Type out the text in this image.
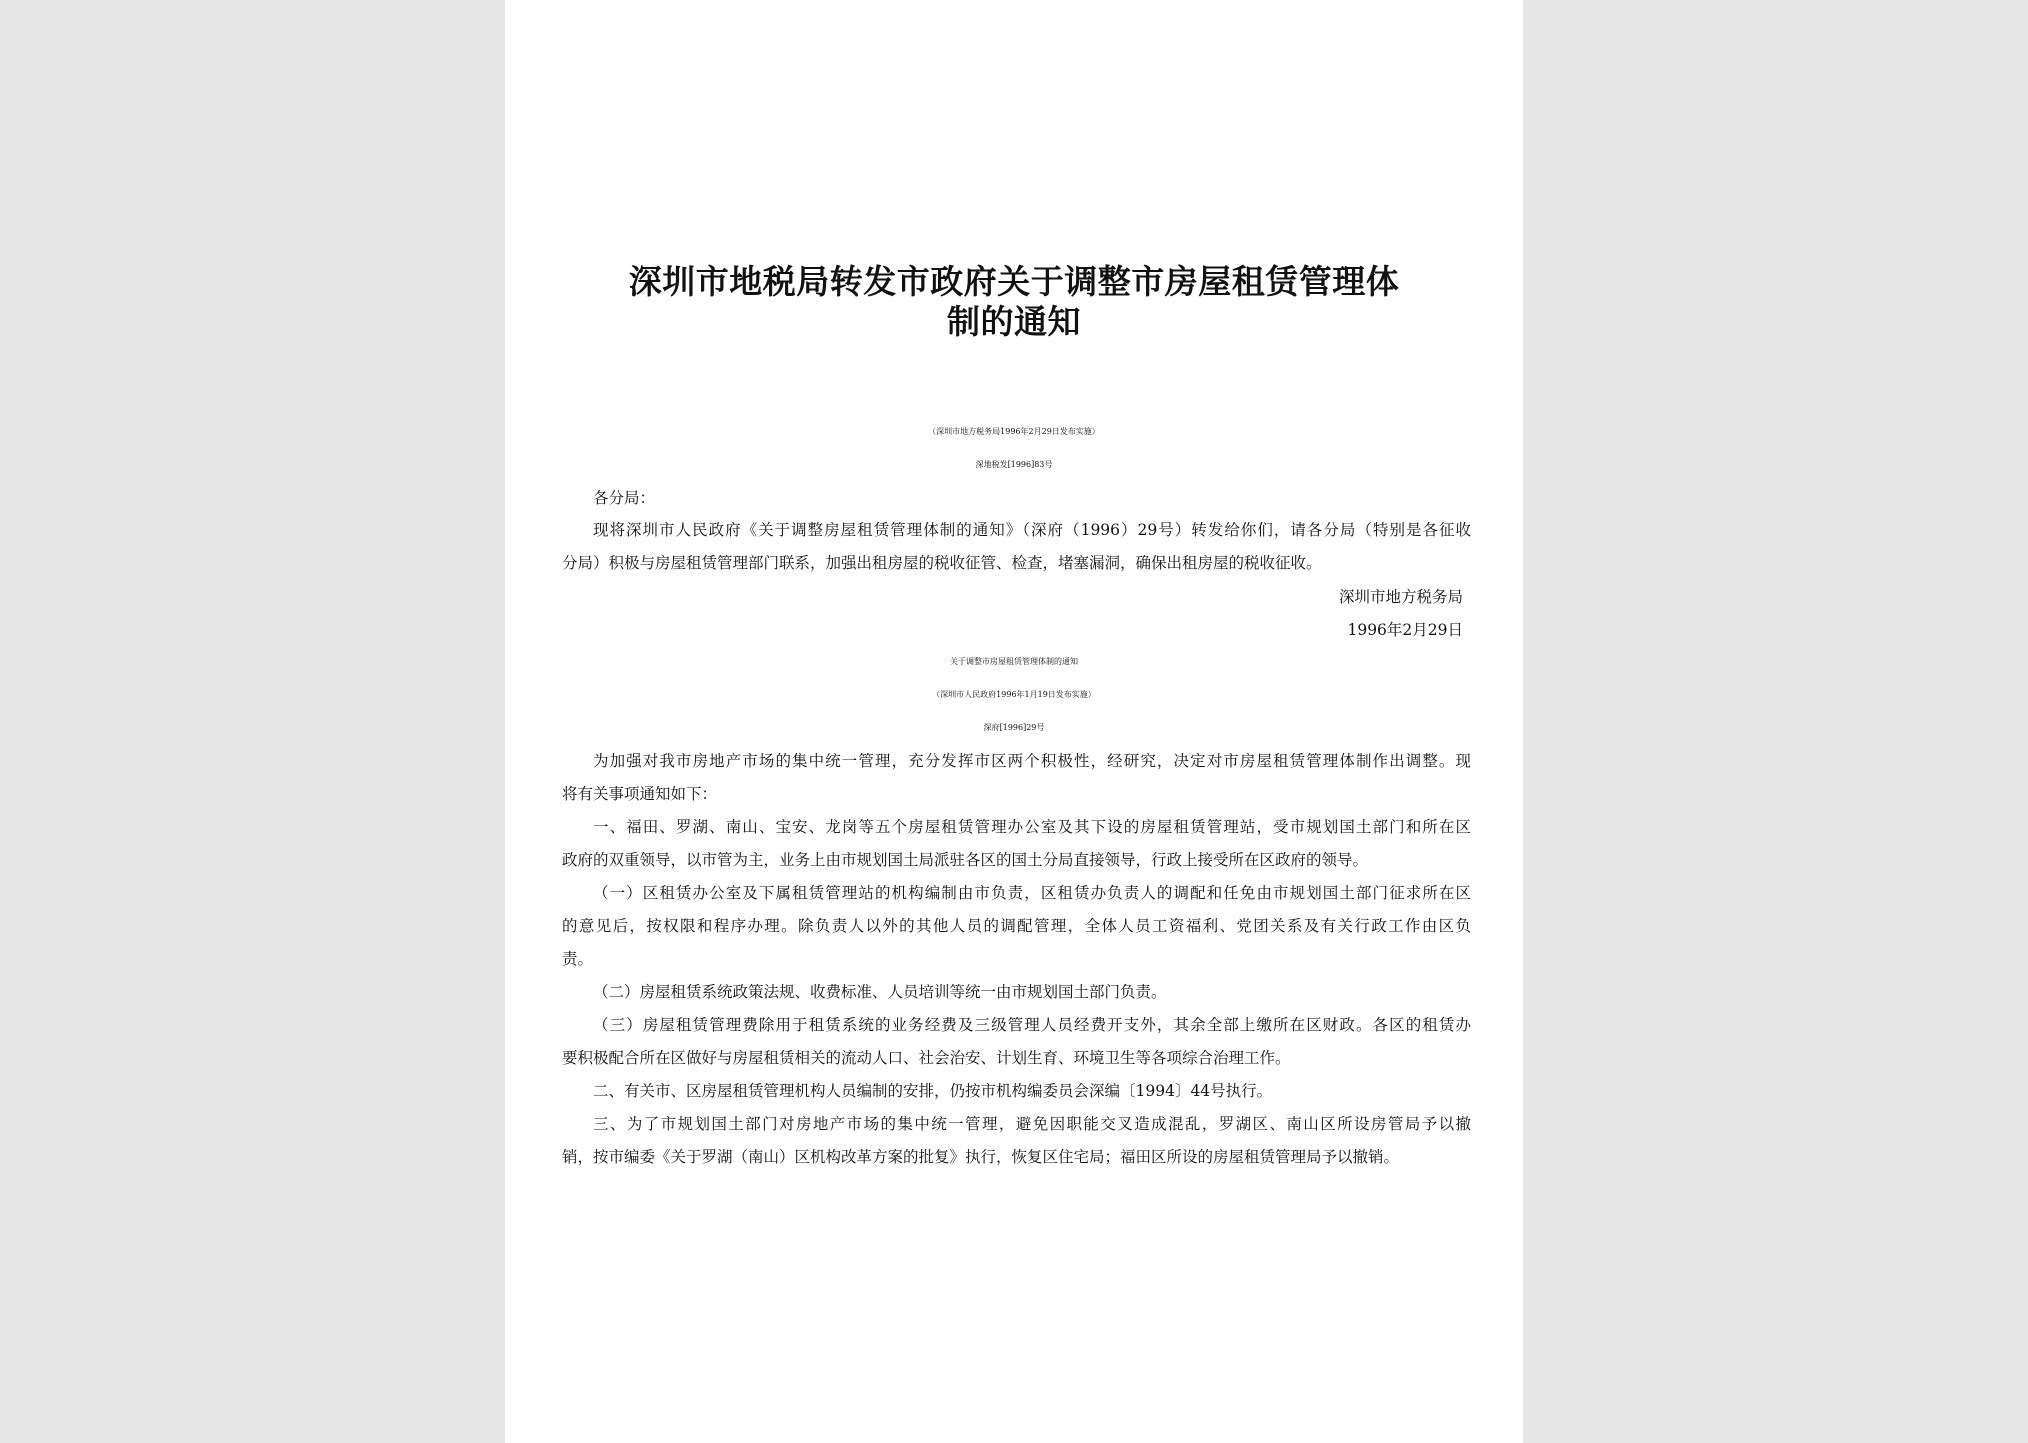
深圳市地税局转发市政府关于调整市房屋租赁管理体
制的通知
（深圳市地方税务局1996年2月29日发布实施）
深地税发[1996]83号
各分局：
现将深圳市人民政府《关于调整房屋租赁管理体制的通知》（深府（1996）29号）转发给你们，请各分局（特别是各征收
分局）积极与房屋租赁管理部门联系，加强出租房屋的税收征管、检查，堵塞漏洞，确保出租房屋的税收征收。
深圳市地方税务局
1996年2月29日
关于调整市房屋租赁管理体制的通知
（深圳市人民政府1996年1月19日发布实施）
深府[1996]29号
为加强对我市房地产市场的集中统一管理，充分发挥市区两个积极性，经研究，决定对市房屋租赁管理体制作出调整。现
将有关事项通知如下：
一、福田、罗湖、南山、宝安、龙岗等五个房屋租赁管理办公室及其下设的房屋租赁管理站，受市规划国土部门和所在区
政府的双重领导，以市管为主，业务上由市规划国土局派驻各区的国土分局直接领导，行政上接受所在区政府的领导。
（一）区租赁办公室及下属租赁管理站的机构编制由市负责，区租赁办负责人的调配和任免由市规划国土部门征求所在区
的意见后，按权限和程序办理。除负责人以外的其他人员的调配管理，全体人员工资福利、党团关系及有关行政工作由区负
责。
（二）房屋租赁系统政策法规、收费标准、人员培训等统一由市规划国土部门负责。
（三）房屋租赁管理费除用于租赁系统的业务经费及三级管理人员经费开支外，其余全部上缴所在区财政。各区的租赁办
要积极配合所在区做好与房屋租赁相关的流动人口、社会治安、计划生育、环境卫生等各项综合治理工作。
二、有关市、区房屋租赁管理机构人员编制的安排，仍按市机构编委员会深编〔1994〕44号执行。
三、为了市规划国土部门对房地产市场的集中统一管理，避免因职能交叉造成混乱，罗湖区、南山区所设房管局予以撤
销，按市编委《关于罗湖（南山）区机构改革方案的批复》执行，恢复区住宅局；福田区所设的房屋租赁管理局予以撤销。
